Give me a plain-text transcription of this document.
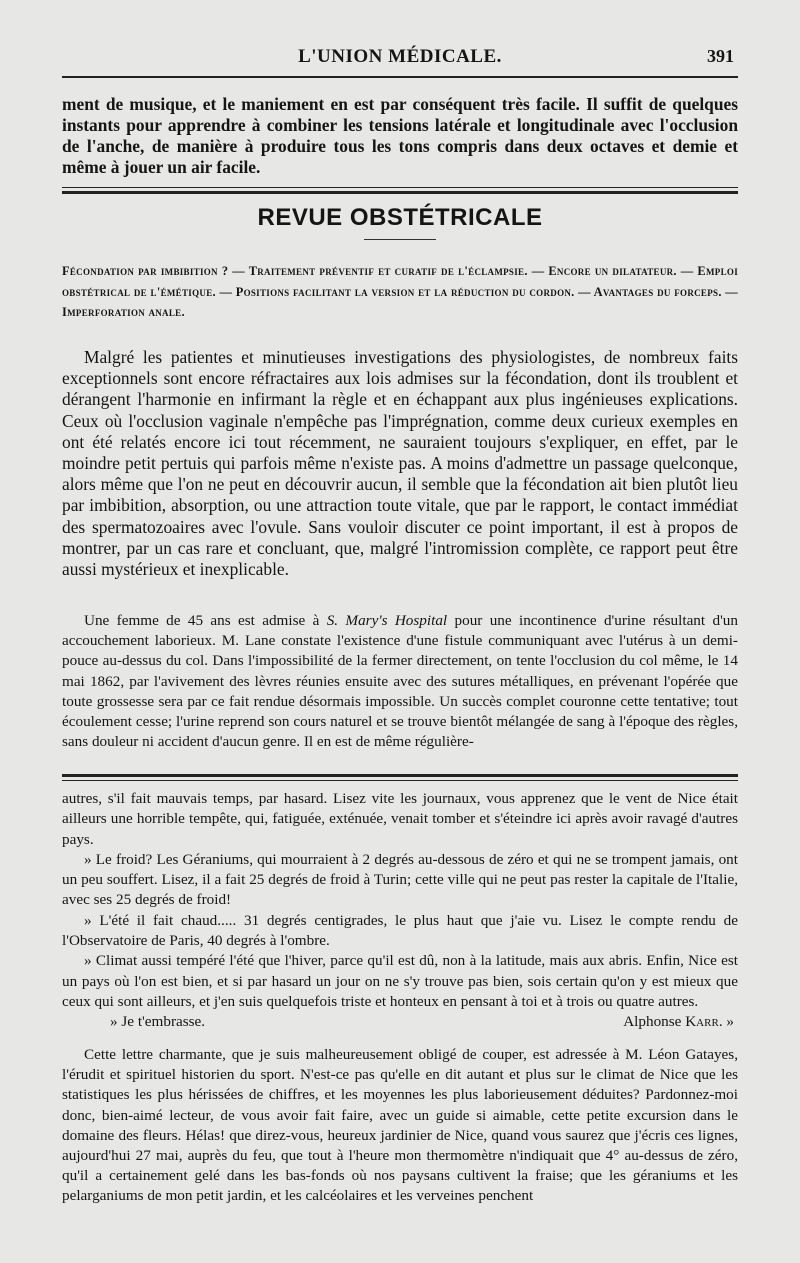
L'UNION MÉDICALE.	391

ment de musique, et le maniement en est par conséquent très facile. Il suffit de quelques instants pour apprendre à combiner les tensions latérale et longitudinale avec l'occlusion de l'anche, de manière à produire tous les tons compris dans deux octaves et demie et même à jouer un air facile.

REVUE OBSTÉTRICALE

Fécondation par imbibition ? — Traitement préventif et curatif de l'éclampsie. — Encore un dilatateur. — Emploi obstétrical de l'émétique. — Positions facilitant la version et la réduction du cordon. — Avantages du forceps. — Imperforation anale.

Malgré les patientes et minutieuses investigations des physiologistes, de nombreux faits exceptionnels sont encore réfractaires aux lois admises sur la fécondation, dont ils troublent et dérangent l'harmonie en infirmant la règle et en échappant aux plus ingénieuses explications. Ceux où l'occlusion vaginale n'empêche pas l'imprégnation, comme deux curieux exemples en ont été relatés encore ici tout récemment, ne sauraient toujours s'expliquer, en effet, par le moindre petit pertuis qui parfois même n'existe pas. A moins d'admettre un passage quelconque, alors même que l'on ne peut en découvrir aucun, il semble que la fécondation ait bien plutôt lieu par imbibition, absorption, ou une attraction toute vitale, que par le rapport, le contact immédiat des spermatozoaires avec l'ovule. Sans vouloir discuter ce point important, il est à propos de montrer, par un cas rare et concluant, que, malgré l'intromission complète, ce rapport peut être aussi mystérieux et inexplicable.

Une femme de 45 ans est admise à S. Mary's Hospital pour une incontinence d'urine résultant d'un accouchement laborieux. M. Lane constate l'existence d'une fistule communiquant avec l'utérus à un demi-pouce au-dessus du col. Dans l'impossibilité de la fermer directement, on tente l'occlusion du col même, le 14 mai 1862, par l'avivement des lèvres réunies ensuite avec des sutures métalliques, en prévenant l'opérée que toute grossesse sera par ce fait rendue désormais impossible. Un succès complet couronne cette tentative; tout écoulement cesse; l'urine reprend son cours naturel et se trouve bientôt mélangée de sang à l'époque des règles, sans douleur ni accident d'aucun genre. Il en est de même régulière-

autres, s'il fait mauvais temps, par hasard. Lisez vite les journaux, vous apprenez que le vent de Nice était ailleurs une horrible tempête, qui, fatiguée, exténuée, venait tomber et s'éteindre ici après avoir ravagé d'autres pays.
» Le froid? Les Géraniums, qui mourraient à 2 degrés au-dessous de zéro et qui ne se trompent jamais, ont un peu souffert. Lisez, il a fait 25 degrés de froid à Turin; cette ville qui ne peut pas rester la capitale de l'Italie, avec ses 25 degrés de froid!
» L'été il fait chaud..... 31 degrés centigrades, le plus haut que j'aie vu. Lisez le compte rendu de l'Observatoire de Paris, 40 degrés à l'ombre.
» Climat aussi tempéré l'été que l'hiver, parce qu'il est dû, non à la latitude, mais aux abris. Enfin, Nice est un pays où l'on est bien, et si par hasard un jour on ne s'y trouve pas bien, sois certain qu'on y est mieux que ceux qui sont ailleurs, et j'en suis quelquefois triste et honteux en pensant à toi et à trois ou quatre autres.
» Je t'embrasse.	Alphonse Karr. »

Cette lettre charmante, que je suis malheureusement obligé de couper, est adressée à M. Léon Gatayes, l'érudit et spirituel historien du sport. N'est-ce pas qu'elle en dit autant et plus sur le climat de Nice que les statistiques les plus hérissées de chiffres, et les moyennes les plus laborieusement déduites? Pardonnez-moi donc, bien-aimé lecteur, de vous avoir fait faire, avec un guide si aimable, cette petite excursion dans le domaine des fleurs. Hélas! que direz-vous, heureux jardinier de Nice, quand vous saurez que j'écris ces lignes, aujourd'hui 27 mai, auprès du feu, que tout à l'heure mon thermomètre n'indiquait que 4° au-dessus de zéro, qu'il a certainement gelé dans les bas-fonds où nos paysans cultivent la fraise; que les géraniums et les pelarganiums de mon petit jardin, et les calcéolaires et les verveines penchent
